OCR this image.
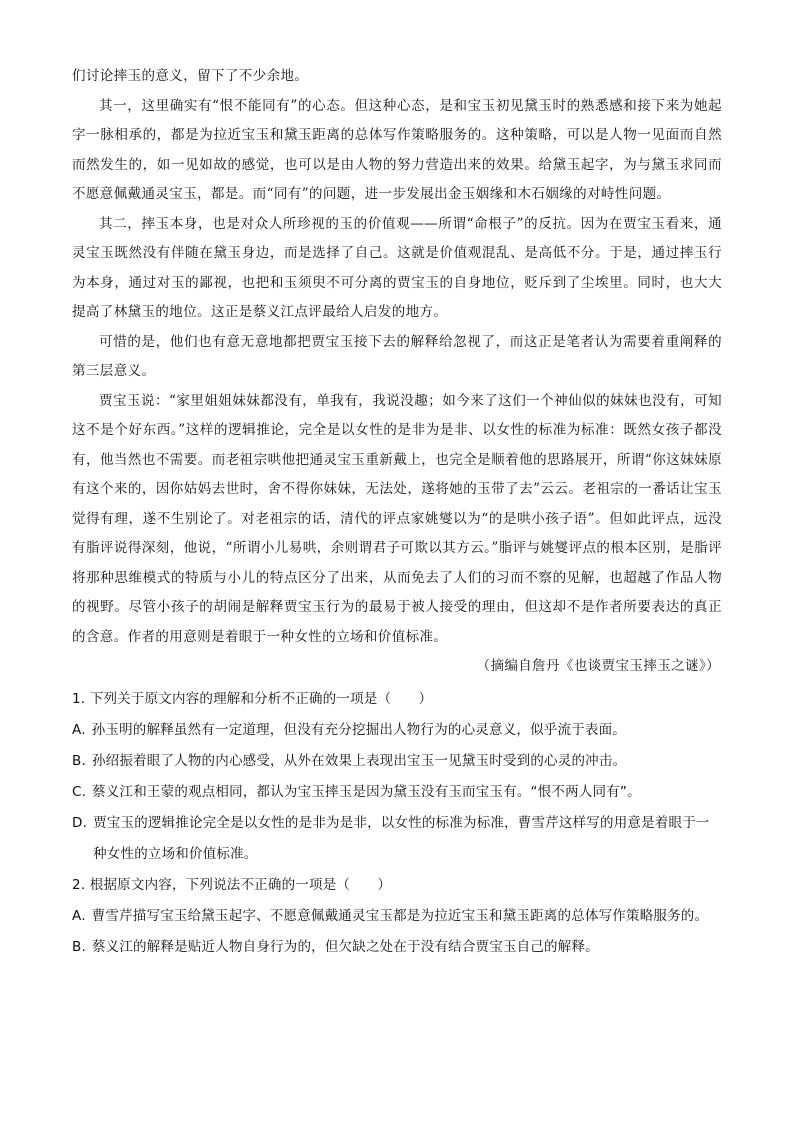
们讨论摔玉的意义，留下了不少余地。

其一，这里确实有“恨不能同有”的心态。但这种心态，是和宝玉初见黛玉时的熟悉感和接下来为她起字一脉相承的，都是为拉近宝玉和黛玉距离的总体写作策略服务的。这种策略，可以是人物一见面而自然而然发生的，如一见如故的感觉，也可以是由人物的努力营造出来的效果。给黛玉起字，为与黛玉求同而不愿意佩戴通灵宝玉，都是。而“同有”的问题，进一步发展出金玉姻缘和木石姻缘的对峙性问题。

其二，摔玉本身，也是对众人所珍视的玉的价值观——所谓“命根子”的反抗。因为在贾宝玉看来，通灵宝玉既然没有伴随在黛玉身边，而是选择了自己。这就是价值观混乱、是高低不分。于是，通过摔玉行为本身，通过对玉的鄙视，也把和玉须臾不可分离的贾宝玉的自身地位，贬斥到了尘埃里。同时，也大大提高了林黛玉的地位。这正是蔡义江点评最给人启发的地方。

可惜的是，他们也有意无意地都把贾宝玉接下去的解释给忽视了，而这正是笔者认为需要着重阐释的第三层意义。

贾宝玉说：“家里姐姐妹妹都没有，单我有，我说没趣；如今来了这们一个神仙似的妹妹也没有，可知这不是个好东西。”这样的逻辑推论，完全是以女性的是非为是非、以女性的标准为标准：既然女孩子都没有，他当然也不需要。而老祖宗哄他把通灵宝玉重新戴上，也完全是顺着他的思路展开，所谓“你这妹妹原有这个来的，因你姑妈去世时，舍不得你妹妹，无法处，遂将她的玉带了去”云云。老祖宗的一番话让宝玉觉得有理，遂不生别论了。对老祖宗的话，清代的评点家姚燮以为“的是哄小孩子语”。但如此评点，远没有脂评说得深刻，他说，“所谓小儿易哄，余则谓君子可欺以其方云。”脂评与姚燮评点的根本区别，是脂评将那种思维模式的特质与小儿的特点区分了出来，从而免去了人们的习而不察的见解，也超越了作品人物的视野。尽管小孩子的胡闹是解释贾宝玉行为的最易于被人接受的理由，但这却不是作者所要表达的真正的含意。作者的用意则是着眼于一种女性的立场和价值标准。

（摘编自詹丹《也谈贾宝玉摔玉之谜》）

1. 下列关于原文内容的理解和分析不正确的一项是（　　）

A. 孙玉明的解释虽然有一定道理，但没有充分挖掘出人物行为的心灵意义，似乎流于表面。
B. 孙绍振着眼了人物的内心感受，从外在效果上表现出宝玉一见黛玉时受到的心灵的冲击。
C. 蔡义江和王蒙的观点相同，都认为宝玉摔玉是因为黛玉没有玉而宝玉有。“恨不两人同有”。
D. 贾宝玉的逻辑推论完全是以女性的是非为是非，以女性的标准为标准，曹雪芹这样写的用意是着眼于一种女性的立场和价值标准。

2. 根据原文内容，下列说法不正确的一项是（　　）

A. 曹雪芹描写宝玉给黛玉起字、不愿意佩戴通灵宝玉都是为拉近宝玉和黛玉距离的总体写作策略服务的。
B. 蔡义江的解释是贴近人物自身行为的，但欠缺之处在于没有结合贾宝玉自己的解释。
